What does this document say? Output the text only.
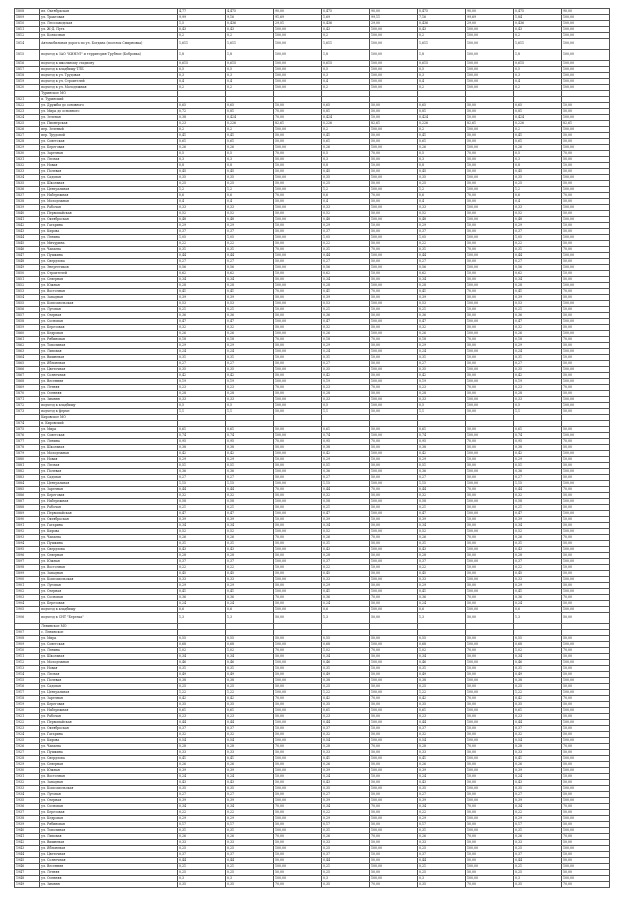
1808	пл. Октябрьская	4,77	4,475	90,00	0,475	90,00	0,475	90,00	0,475	90,00
1809	ул. Трактовая	9,99	9,16	91,69	1,69	99,11	7,16	99,69	1,84	100,00
1810	ул. Лесозаводская	1,5	0,436	29,01	0,436	29,00	0,436	29,00	0,436	100,00
1811	ул. Ж-Д. Путь	0,43	0,43	100,00	0,43	100,00	0,43	100,00	0,43	100,00
1812	ул. Колхозная	0,2	0,2	100,00	0,2	100,00	0,2	100,00	0,2	100,00
1814	Автомобильная дорога по ул. Богдана (поселок Смирновка)	1,611	1,611	100,00	1,611	100,00	1,611	100,00	1,611	100,00
1815	подъезд к ЗАО "КИНЭЛ" и территория Трубное (Бобровка)	1,8	1,8	100,00	1,8	100,00	1,8	100,00	1,8	100,00
1816	подъезд к школьному стадиону	0,615	0,615	100,00	0,615	100,00	0,615	100,00	0,615	100,00
1817	подъезд к кладбищу ТЛБ	0,5	0,5	100,00	0,5	100,00	0,5	100,00	0,5	100,00
1818	подъезд к ул. Трудовая	0,3	0,3	100,00	0,3	100,00	0,3	100,00	0,3	100,00
1819	подъезд к ул. Строителей	0,4	0,4	100,00	0,4	100,00	0,4	100,00	0,4	100,00
1820	подъезд к ул. Молодежная	0,2	0,2	100,00	0,2	100,00	0,2	100,00	0,2	100,00
	Туринское МО									
1821	п. Туринский									
1822	ул. Дружбы до основного	0,65	0,65	10,00	0,65	50,00	0,65	50,00	0,65	10,00
1823	ул. Мира до основного	0,72	0,81	70,00	0,81	50,00	0,81	50,00	0,81	50,00
1824	ул. Зеленая	0,38	0,424	70,00	0,424	10,00	0,424	10,00	0,424	100,00
1825	ул. Пионерская	0,23	0,226	82,61	0,226	82,61	0,226	82,61	0,226	82,61
1826	пер. Зеленый	0,2	0,2	100,00	0,2	100,00	0,2	100,00	0,2	100,00
1827	пер. Трудовой	0,41	0,41	50,00	0,41	50,00	0,41	50,00	0,41	50,00
1828	ул. Советская	0,61	0,61	50,00	0,61	50,00	0,61	50,00	0,61	50,00
1829	ул. Береговая	0,26	0,26	100,00	0,26	100,00	0,26	100,00	0,26	100,00
1830	ул. Заречная	0,5	0,5	70,00	0,5	70,00	0,5	70,00	0,5	70,00
1831	ул. Лесная	0,3	0,3	50,00	0,3	50,00	0,3	50,00	0,3	50,00
1832	ул. Новая	0,8	0,8	10,00	0,8	10,00	0,8	10,00	0,8	10,00
1833	ул. Полевая	0,45	0,45	50,00	0,45	50,00	0,45	50,00	0,45	50,00
1834	ул. Садовая	0,35	0,35	100,00	0,35	100,00	0,35	100,00	0,35	100,00
1835	ул. Школьная	0,25	0,25	50,00	0,25	50,00	0,25	50,00	0,25	50,00
1836	ул. Центральная	1,2	1,2	100,00	1,2	100,00	1,2	100,00	1,2	100,00
1837	ул. Набережная	0,6	0,6	70,00	0,6	70,00	0,6	70,00	0,6	70,00
1838	ул. Молодежная	0,4	0,4	50,00	0,4	50,00	0,4	50,00	0,4	50,00
1839	ул. Рабочая	0,33	0,33	100,00	0,33	100,00	0,33	100,00	0,33	100,00
1840	ул. Первомайская	0,52	0,52	50,00	0,52	50,00	0,52	50,00	0,52	50,00
1841	ул. Октябрьская	0,48	0,48	100,00	0,48	100,00	0,48	100,00	0,48	100,00
1842	ул. Гагарина	0,29	0,29	10,00	0,29	10,00	0,29	10,00	0,29	10,00
1843	ул. Кирова	0,37	0,37	50,00	0,37	50,00	0,37	50,00	0,37	50,00
1844	ул. Ленина	1,05	1,05	100,00	1,05	100,00	1,05	100,00	1,05	100,00
1845	ул. Мичурина	0,22	0,22	50,00	0,22	50,00	0,22	50,00	0,22	50,00
1846	ул. Чапаева	0,31	0,31	70,00	0,31	70,00	0,31	70,00	0,31	70,00
1847	ул. Пушкина	0,44	0,44	100,00	0,44	100,00	0,44	100,00	0,44	100,00
1848	ул. Свердлова	0,27	0,27	50,00	0,27	50,00	0,27	50,00	0,27	50,00
1849	ул. Энергетиков	0,56	0,56	100,00	0,56	100,00	0,56	100,00	0,56	100,00
1850	ул. Строителей	0,62	0,62	10,00	0,62	10,00	0,62	10,00	0,62	10,00
1851	ул. Северная	0,34	0,34	50,00	0,34	50,00	0,34	50,00	0,34	50,00
1852	ул. Южная	0,28	0,28	100,00	0,28	100,00	0,28	100,00	0,28	100,00
1853	ул. Восточная	0,41	0,41	70,00	0,41	70,00	0,41	70,00	0,41	70,00
1854	ул. Западная	0,39	0,39	50,00	0,39	50,00	0,39	50,00	0,39	50,00
1855	ул. Комсомольская	0,53	0,53	100,00	0,53	100,00	0,53	100,00	0,53	100,00
1856	ул. Луговая	0,21	0,21	10,00	0,21	10,00	0,21	10,00	0,21	10,00
1857	ул. Озерная	0,36	0,36	50,00	0,36	50,00	0,36	50,00	0,36	50,00
1858	ул. Сосновая	0,47	0,47	100,00	0,47	100,00	0,47	100,00	0,47	100,00
1859	ул. Березовая	0,32	0,32	50,00	0,32	50,00	0,32	50,00	0,32	50,00
1860	ул. Кедровая	0,26	0,26	100,00	0,26	100,00	0,26	100,00	0,26	100,00
1861	ул. Рябиновая	0,18	0,18	70,00	0,18	70,00	0,18	70,00	0,18	70,00
1862	ул. Тополиная	0,29	0,29	50,00	0,29	50,00	0,29	50,00	0,29	50,00
1863	ул. Липовая	0,24	0,24	100,00	0,24	100,00	0,24	100,00	0,24	100,00
1864	ул. Вишневая	0,31	0,31	10,00	0,31	10,00	0,31	10,00	0,31	10,00
1865	ул. Яблоневая	0,27	0,27	50,00	0,27	50,00	0,27	50,00	0,27	50,00
1866	ул. Цветочная	0,35	0,35	100,00	0,35	100,00	0,35	100,00	0,35	100,00
1867	ул. Солнечная	0,42	0,42	50,00	0,42	50,00	0,42	50,00	0,42	50,00
1868	ул. Весенняя	0,19	0,19	100,00	0,19	100,00	0,19	100,00	0,19	100,00
1869	ул. Летняя	0,23	0,23	70,00	0,23	70,00	0,23	70,00	0,23	70,00
1870	ул. Осенняя	0,28	0,28	50,00	0,28	50,00	0,28	50,00	0,28	50,00
1871	ул. Зимняя	0,33	0,33	100,00	0,33	100,00	0,33	100,00	0,33	100,00
1872	подъезд к кладбищу	0,5	0,5	100,00	0,5	100,00	0,5	100,00	0,5	100,00
1873	подъезд к ферме	1,1	1,1	50,00	1,1	50,00	1,1	50,00	1,1	50,00
	Кировское МО									
1874	п. Кировский									
1875	ул. Мира	0,61	0,61	50,00	0,61	50,00	0,61	50,00	0,61	50,00
1876	ул. Советская	0,74	0,74	100,00	0,74	100,00	0,74	100,00	0,74	100,00
1877	ул. Ленина	0,95	0,95	70,00	0,95	70,00	0,95	70,00	0,95	70,00
1878	ул. Школьная	0,38	0,38	50,00	0,38	50,00	0,38	50,00	0,38	50,00
1879	ул. Молодежная	0,42	0,42	100,00	0,42	100,00	0,42	100,00	0,42	100,00
1880	ул. Новая	0,29	0,29	10,00	0,29	10,00	0,29	10,00	0,29	10,00
1881	ул. Лесная	0,51	0,51	50,00	0,51	50,00	0,51	50,00	0,51	50,00
1882	ул. Полевая	0,36	0,36	100,00	0,36	100,00	0,36	100,00	0,36	100,00
1883	ул. Садовая	0,27	0,27	50,00	0,27	50,00	0,27	50,00	0,27	50,00
1884	ул. Центральная	1,15	1,15	100,00	1,15	100,00	1,15	100,00	1,15	100,00
1885	ул. Заречная	0,44	0,44	70,00	0,44	70,00	0,44	70,00	0,44	70,00
1886	ул. Береговая	0,32	0,32	50,00	0,32	50,00	0,32	50,00	0,32	50,00
1887	ул. Набережная	0,58	0,58	100,00	0,58	100,00	0,58	100,00	0,58	100,00
1888	ул. Рабочая	0,21	0,21	50,00	0,21	50,00	0,21	50,00	0,21	50,00
1889	ул. Первомайская	0,47	0,47	100,00	0,47	100,00	0,47	100,00	0,47	100,00
1890	ул. Октябрьская	0,39	0,39	10,00	0,39	10,00	0,39	10,00	0,39	10,00
1891	ул. Гагарина	0,34	0,34	50,00	0,34	50,00	0,34	50,00	0,34	50,00
1892	ул. Кирова	0,52	0,52	100,00	0,52	100,00	0,52	100,00	0,52	100,00
1893	ул. Чапаева	0,26	0,26	70,00	0,26	70,00	0,26	70,00	0,26	70,00
1894	ул. Пушкина	0,31	0,31	50,00	0,31	50,00	0,31	50,00	0,31	50,00
1895	ул. Свердлова	0,43	0,43	100,00	0,43	100,00	0,43	100,00	0,43	100,00
1896	ул. Северная	0,28	0,28	50,00	0,28	50,00	0,28	50,00	0,28	50,00
1897	ул. Южная	0,37	0,37	100,00	0,37	100,00	0,37	100,00	0,37	100,00
1898	ул. Восточная	0,22	0,22	10,00	0,22	10,00	0,22	10,00	0,22	10,00
1899	ул. Западная	0,45	0,45	50,00	0,45	50,00	0,45	50,00	0,45	50,00
1900	ул. Комсомольская	0,33	0,33	100,00	0,33	100,00	0,33	100,00	0,33	100,00
1901	ул. Луговая	0,29	0,29	50,00	0,29	50,00	0,29	50,00	0,29	50,00
1902	ул. Озерная	0,41	0,41	100,00	0,41	100,00	0,41	100,00	0,41	100,00
1903	ул. Сосновая	0,36	0,36	70,00	0,36	70,00	0,36	70,00	0,36	70,00
1904	ул. Березовая	0,24	0,24	50,00	0,24	50,00	0,24	50,00	0,24	50,00
1905	подъезд к кладбищу	0,6	0,6	100,00	0,6	100,00	0,6	100,00	0,6	100,00
1906	подъезд к СНТ "Березка"	1,3	1,3	50,00	1,3	50,00	1,3	50,00	1,3	50,00
	Ленинское МО									
1907	с. Ленинское									
1908	ул. Мира	0,55	0,55	50,00	0,55	50,00	0,55	50,00	0,55	50,00
1909	ул. Советская	0,68	0,68	100,00	0,68	100,00	0,68	100,00	0,68	100,00
1910	ул. Ленина	1,02	1,02	70,00	1,02	70,00	1,02	70,00	1,02	70,00
1911	ул. Школьная	0,34	0,34	50,00	0,34	50,00	0,34	50,00	0,34	50,00
1912	ул. Молодежная	0,46	0,46	100,00	0,46	100,00	0,46	100,00	0,46	100,00
1913	ул. Новая	0,31	0,31	10,00	0,31	10,00	0,31	10,00	0,31	10,00
1914	ул. Лесная	0,49	0,49	50,00	0,49	50,00	0,49	50,00	0,49	50,00
1915	ул. Полевая	0,38	0,38	100,00	0,38	100,00	0,38	100,00	0,38	100,00
1916	ул. Садовая	0,25	0,25	50,00	0,25	50,00	0,25	50,00	0,25	50,00
1917	ул. Центральная	1,22	1,22	100,00	1,22	100,00	1,22	100,00	1,22	100,00
1918	ул. Заречная	0,42	0,42	70,00	0,42	70,00	0,42	70,00	0,42	70,00
1919	ул. Береговая	0,35	0,35	50,00	0,35	50,00	0,35	50,00	0,35	50,00
1920	ул. Набережная	0,61	0,61	100,00	0,61	100,00	0,61	100,00	0,61	100,00
1921	ул. Рабочая	0,23	0,23	50,00	0,23	50,00	0,23	50,00	0,23	50,00
1922	ул. Первомайская	0,44	0,44	100,00	0,44	100,00	0,44	100,00	0,44	100,00
1923	ул. Октябрьская	0,37	0,37	10,00	0,37	10,00	0,37	10,00	0,37	10,00
1924	ул. Гагарина	0,32	0,32	50,00	0,32	50,00	0,32	50,00	0,32	50,00
1925	ул. Кирова	0,54	0,54	100,00	0,54	100,00	0,54	100,00	0,54	100,00
1926	ул. Чапаева	0,28	0,28	70,00	0,28	70,00	0,28	70,00	0,28	70,00
1927	ул. Пушкина	0,33	0,33	50,00	0,33	50,00	0,33	50,00	0,33	50,00
1928	ул. Свердлова	0,41	0,41	100,00	0,41	100,00	0,41	100,00	0,41	100,00
1929	ул. Северная	0,26	0,26	50,00	0,26	50,00	0,26	50,00	0,26	50,00
1930	ул. Южная	0,39	0,39	100,00	0,39	100,00	0,39	100,00	0,39	100,00
1931	ул. Восточная	0,24	0,24	10,00	0,24	10,00	0,24	10,00	0,24	10,00
1932	ул. Западная	0,43	0,43	50,00	0,43	50,00	0,43	50,00	0,43	50,00
1933	ул. Комсомольская	0,35	0,35	100,00	0,35	100,00	0,35	100,00	0,35	100,00
1934	ул. Луговая	0,27	0,27	50,00	0,27	50,00	0,27	50,00	0,27	50,00
1935	ул. Озерная	0,39	0,39	100,00	0,39	100,00	0,39	100,00	0,39	100,00
1936	ул. Сосновая	0,34	0,34	70,00	0,34	70,00	0,34	70,00	0,34	70,00
1937	ул. Березовая	0,22	0,22	50,00	0,22	50,00	0,22	50,00	0,22	50,00
1938	ул. Кедровая	0,29	0,29	100,00	0,29	100,00	0,29	100,00	0,29	100,00
1939	ул. Рябиновая	0,17	0,17	50,00	0,17	50,00	0,17	50,00	0,17	50,00
1940	ул. Тополиная	0,31	0,31	100,00	0,31	100,00	0,31	100,00	0,31	100,00
1941	ул. Липовая	0,26	0,26	70,00	0,26	70,00	0,26	70,00	0,26	70,00
1942	ул. Вишневая	0,33	0,33	50,00	0,33	50,00	0,33	50,00	0,33	50,00
1943	ул. Яблоневая	0,25	0,25	100,00	0,25	100,00	0,25	100,00	0,25	100,00
1944	ул. Цветочная	0,37	0,37	10,00	0,37	10,00	0,37	10,00	0,37	10,00
1945	ул. Солнечная	0,44	0,44	50,00	0,44	50,00	0,44	50,00	0,44	50,00
1946	ул. Весенняя	0,21	0,21	100,00	0,21	100,00	0,21	100,00	0,21	100,00
1947	ул. Летняя	0,25	0,25	50,00	0,25	50,00	0,25	50,00	0,25	50,00
1948	ул. Осенняя	0,3	0,3	100,00	0,3	100,00	0,3	100,00	0,3	100,00
1949	ул. Зимняя	0,35	0,35	70,00	0,35	70,00	0,35	70,00	0,35	70,00
